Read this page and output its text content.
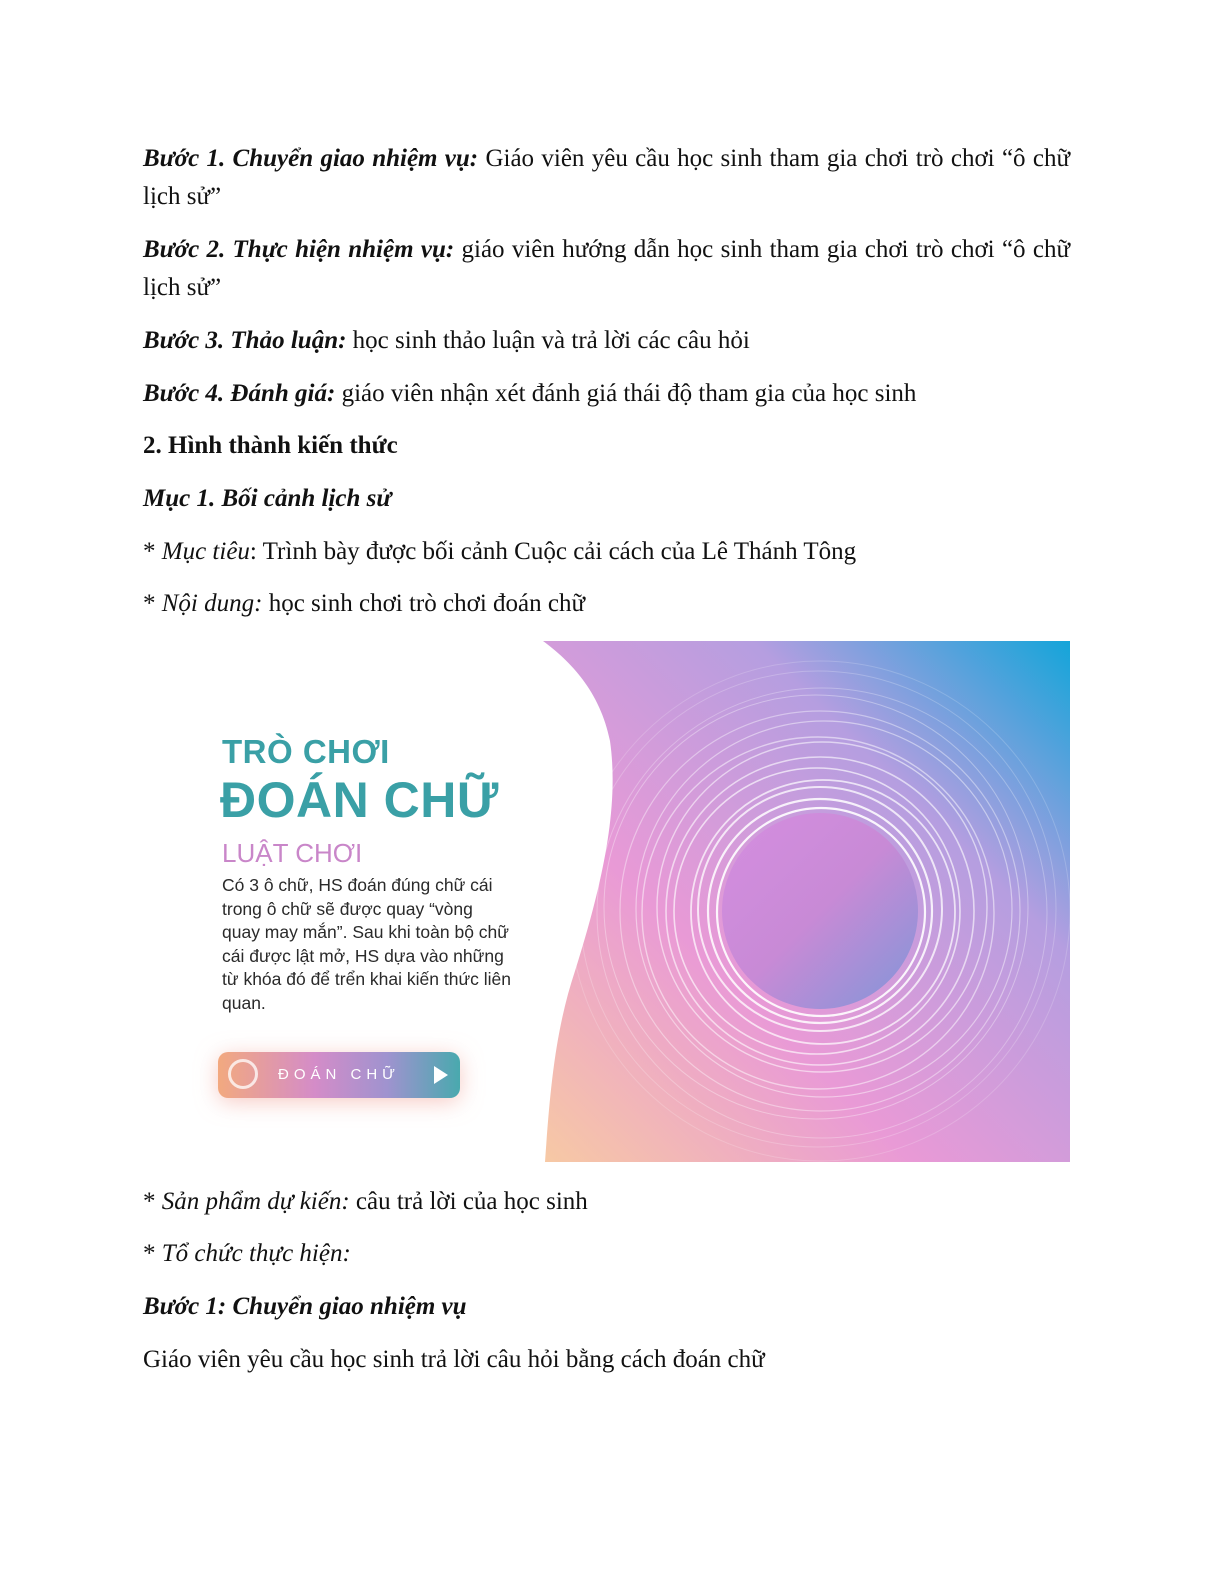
Bước 1. Chuyển giao nhiệm vụ: Giáo viên yêu cầu học sinh tham gia chơi trò chơi “ô chữ lịch sử”

Bước 2. Thực hiện nhiệm vụ: giáo viên hướng dẫn học sinh tham gia chơi trò chơi “ô chữ lịch sử”

Bước 3. Thảo luận: học sinh thảo luận và trả lời các câu hỏi

Bước 4. Đánh giá: giáo viên nhận xét đánh giá thái độ tham gia của học sinh

2. Hình thành kiến thức

Mục 1. Bối cảnh lịch sử

* Mục tiêu: Trình bày được bối cảnh Cuộc cải cách của Lê Thánh Tông

* Nội dung: học sinh chơi trò chơi đoán chữ

TRÒ CHƠI
ĐOÁN CHỮ
LUẬT CHƠI
Có 3 ô chữ, HS đoán đúng chữ cái trong ô chữ sẽ được quay “vòng quay may mắn”. Sau khi toàn bộ chữ cái được lật mở, HS dựa vào những từ khóa đó để trển khai kiến thức liên quan.
ĐOÁN CHỮ

* Sản phẩm dự kiến: câu trả lời của học sinh

* Tổ chức thực hiện:

Bước 1: Chuyển giao nhiệm vụ

Giáo viên yêu cầu học sinh trả lời câu hỏi bằng cách đoán chữ
